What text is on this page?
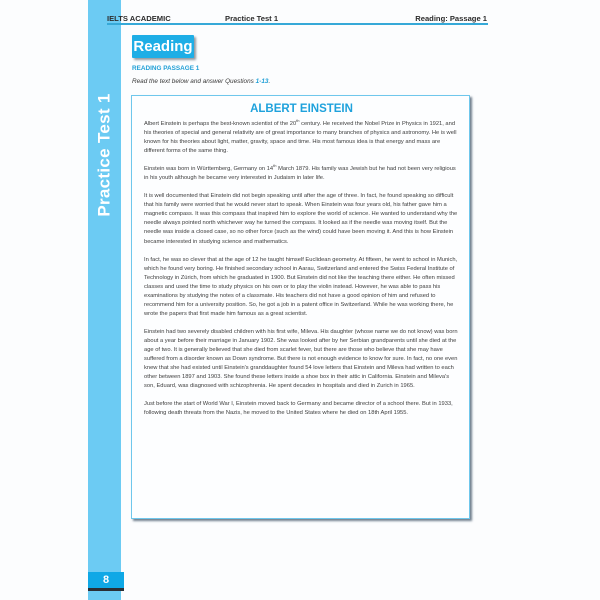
Practice Test 1
8
IELTS ACADEMIC	Practice Test 1	Reading: Passage 1
Reading
READING PASSAGE 1
Read the text below and answer Questions 1-13.
ALBERT EINSTEIN

Albert Einstein is perhaps the best-known scientist of the 20th century. He received the Nobel Prize in Physics in 1921, and his theories of special and general relativity are of great importance to many branches of physics and astronomy. He is well known for his theories about light, matter, gravity, space and time. His most famous idea is that energy and mass are different forms of the same thing.

Einstein was born in Württemberg, Germany on 14th March 1879. His family was Jewish but he had not been very religious in his youth although he became very interested in Judaism in later life.

It is well documented that Einstein did not begin speaking until after the age of three. In fact, he found speaking so difficult that his family were worried that he would never start to speak. When Einstein was four years old, his father gave him a magnetic compass. It was this compass that inspired him to explore the world of science. He wanted to understand why the needle always pointed north whichever way he turned the compass. It looked as if the needle was moving itself. But the needle was inside a closed case, so no other force (such as the wind) could have been moving it. And this is how Einstein became interested in studying science and mathematics.

In fact, he was so clever that at the age of 12 he taught himself Euclidean geometry. At fifteen, he went to school in Munich, which he found very boring. He finished secondary school in Aarau, Switzerland and entered the Swiss Federal Institute of Technology in Zürich, from which he graduated in 1900. But Einstein did not like the teaching there either. He often missed classes and used the time to study physics on his own or to play the violin instead. However, he was able to pass his examinations by studying the notes of a classmate. His teachers did not have a good opinion of him and refused to recommend him for a university position. So, he got a job in a patent office in Switzerland. While he was working there, he wrote the papers that first made him famous as a great scientist.

Einstein had two severely disabled children with his first wife, Mileva. His daughter (whose name we do not know) was born about a year before their marriage in January 1902. She was looked after by her Serbian grandparents until she died at the age of two. It is generally believed that she died from scarlet fever, but there are those who believe that she may have suffered from a disorder known as Down syndrome. But there is not enough evidence to know for sure. In fact, no one even knew that she had existed until Einstein's granddaughter found 54 love letters that Einstein and Mileva had written to each other between 1897 and 1903. She found these letters inside a shoe box in their attic in California. Einstein and Mileva's son, Eduard, was diagnosed with schizophrenia. He spent decades in hospitals and died in Zurich in 1965.

Just before the start of World War I, Einstein moved back to Germany and became director of a school there. But in 1933, following death threats from the Nazis, he moved to the United States where he died on 18th April 1955.
